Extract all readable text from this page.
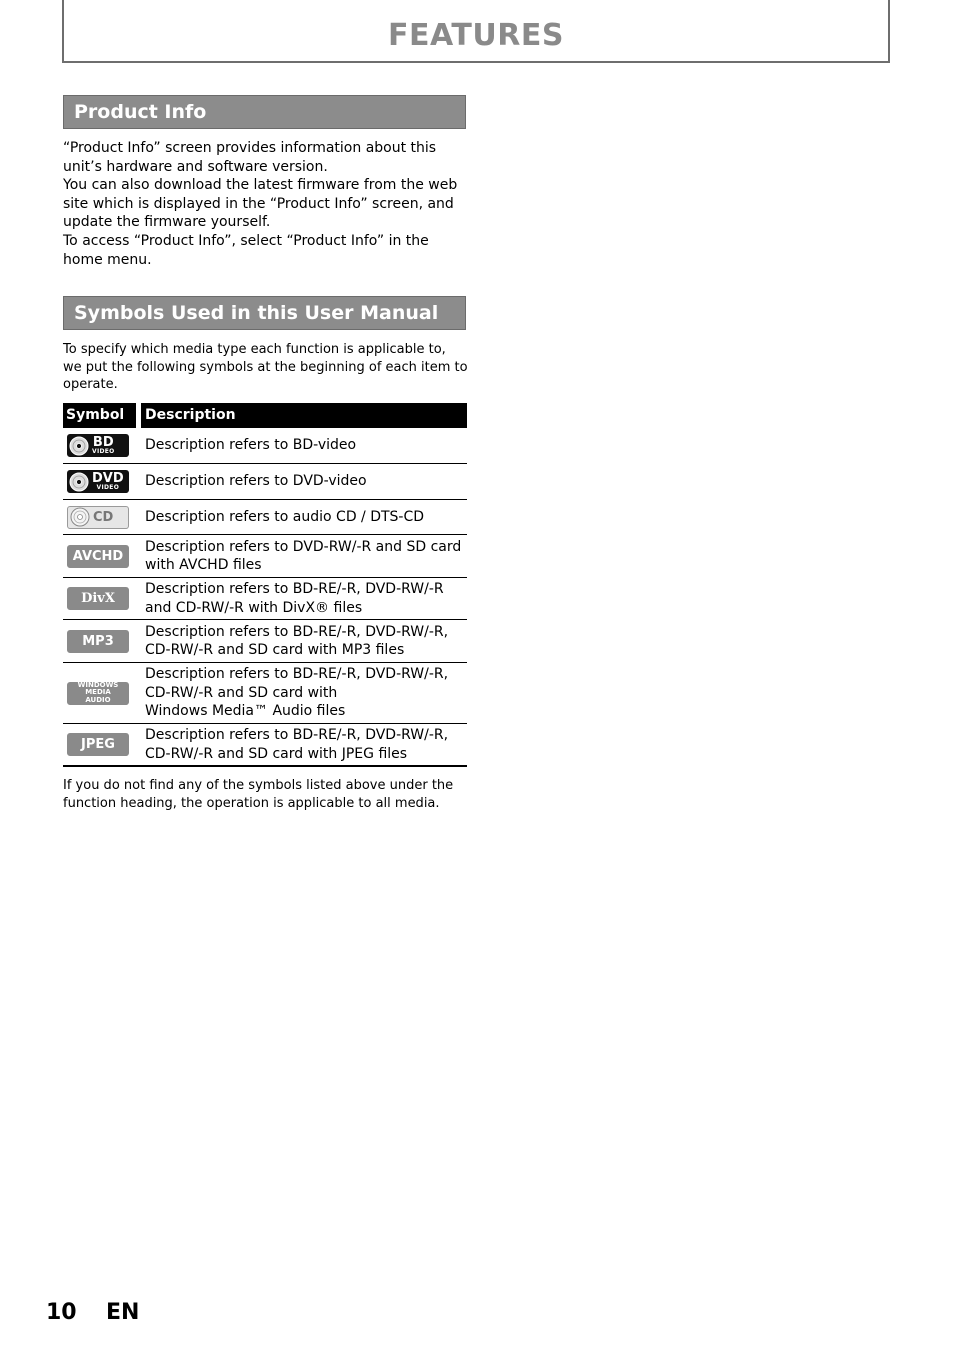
FEATURES
Product Info

“Product Info” screen provides information about this unit’s hardware and software version.

You can also download the latest firmware from the web site which is displayed in the “Product Info” screen, and update the firmware yourself.

To access “Product Info”, select “Product Info” in the home menu.

Symbols Used in this User Manual
To specify which media type each function is applicable to, we put the following symbols at the beginning of each item to operate.
Symbol	Description
BD
VIDEO Description refers to BD-video
DVD
VIDEO Description refers to DVD-video
CD Description refers to audio CD / DTS-CD
AVCHD
Description refers to DVD-RW/-R and SD card
with AVCHD files
DivX
Description refers to BD-RE/-R, DVD-RW/-R
and CD-RW/-R with DivX® files
MP3
Description refers to BD-RE/-R, DVD-RW/-R,
CD-RW/-R and SD card with MP3 files
WINDOWS
MEDIA
AUDIO
Description refers to BD-RE/-R, DVD-RW/-R,
CD-RW/-R and SD card with
Windows Media™ Audio files
JPEG
Description refers to BD-RE/-R, DVD-RW/-R,
CD-RW/-R and SD card with JPEG files
If you do not find any of the symbols listed above under the function heading, the operation is applicable to all media.
10 EN
